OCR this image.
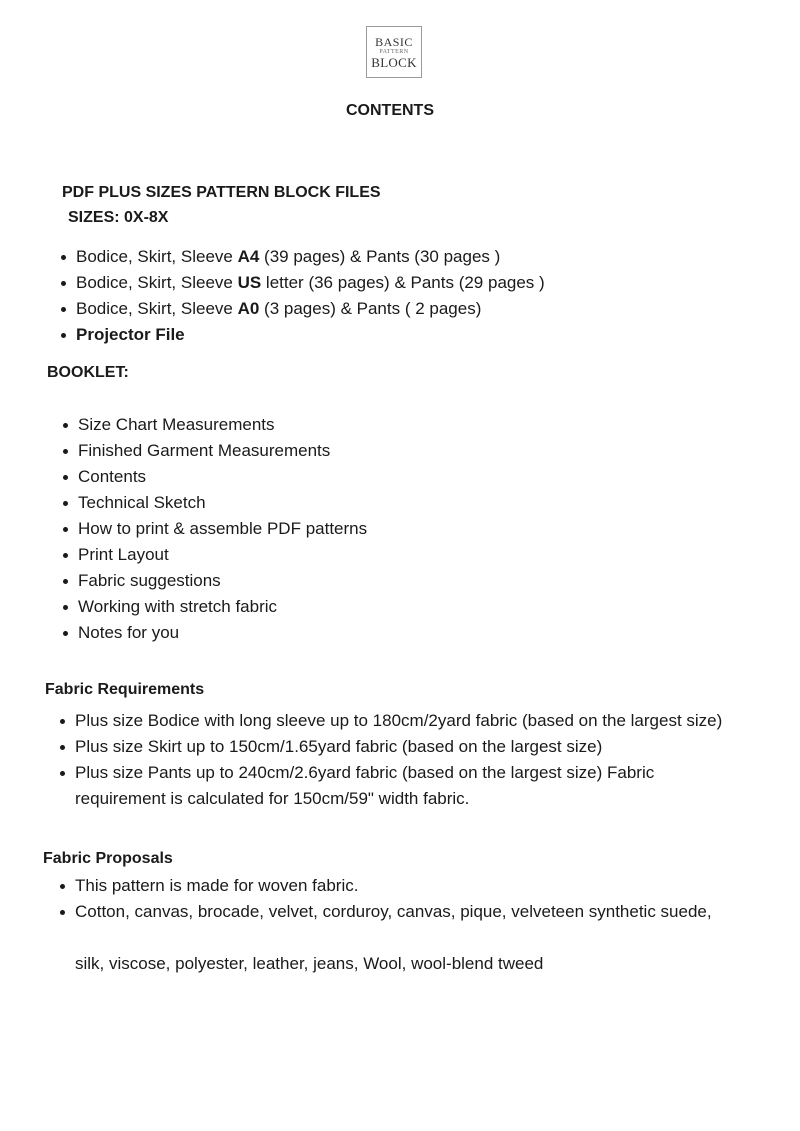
BASIC
PATTERN
BLOCK
CONTENTS
PDF PLUS SIZES PATTERN BLOCK FILES
SIZES: 0X-8X
Bodice, Skirt, Sleeve A4 (39 pages) & Pants (30 pages )
Bodice, Skirt, Sleeve US letter (36 pages) & Pants (29 pages )
Bodice, Skirt, Sleeve A0 (3 pages) & Pants ( 2 pages)
Projector File
BOOKLET:
Size Chart Measurements
Finished Garment Measurements
Contents
Technical Sketch
How to print & assemble PDF patterns
Print Layout
Fabric suggestions
Working with stretch fabric
Notes for you
Fabric Requirements
Plus size Bodice with long sleeve up to 180cm/2yard fabric (based on the largest size)
Plus size Skirt up to 150cm/1.65yard fabric (based on the largest size)
Plus size Pants up to 240cm/2.6yard fabric (based on the largest size) Fabric requirement is calculated for 150cm/59" width fabric.
Fabric Proposals
This pattern is made for woven fabric.
Cotton, canvas, brocade, velvet, corduroy, canvas, pique, velveteen synthetic suede,
silk, viscose, polyester, leather, jeans, Wool, wool-blend tweed
